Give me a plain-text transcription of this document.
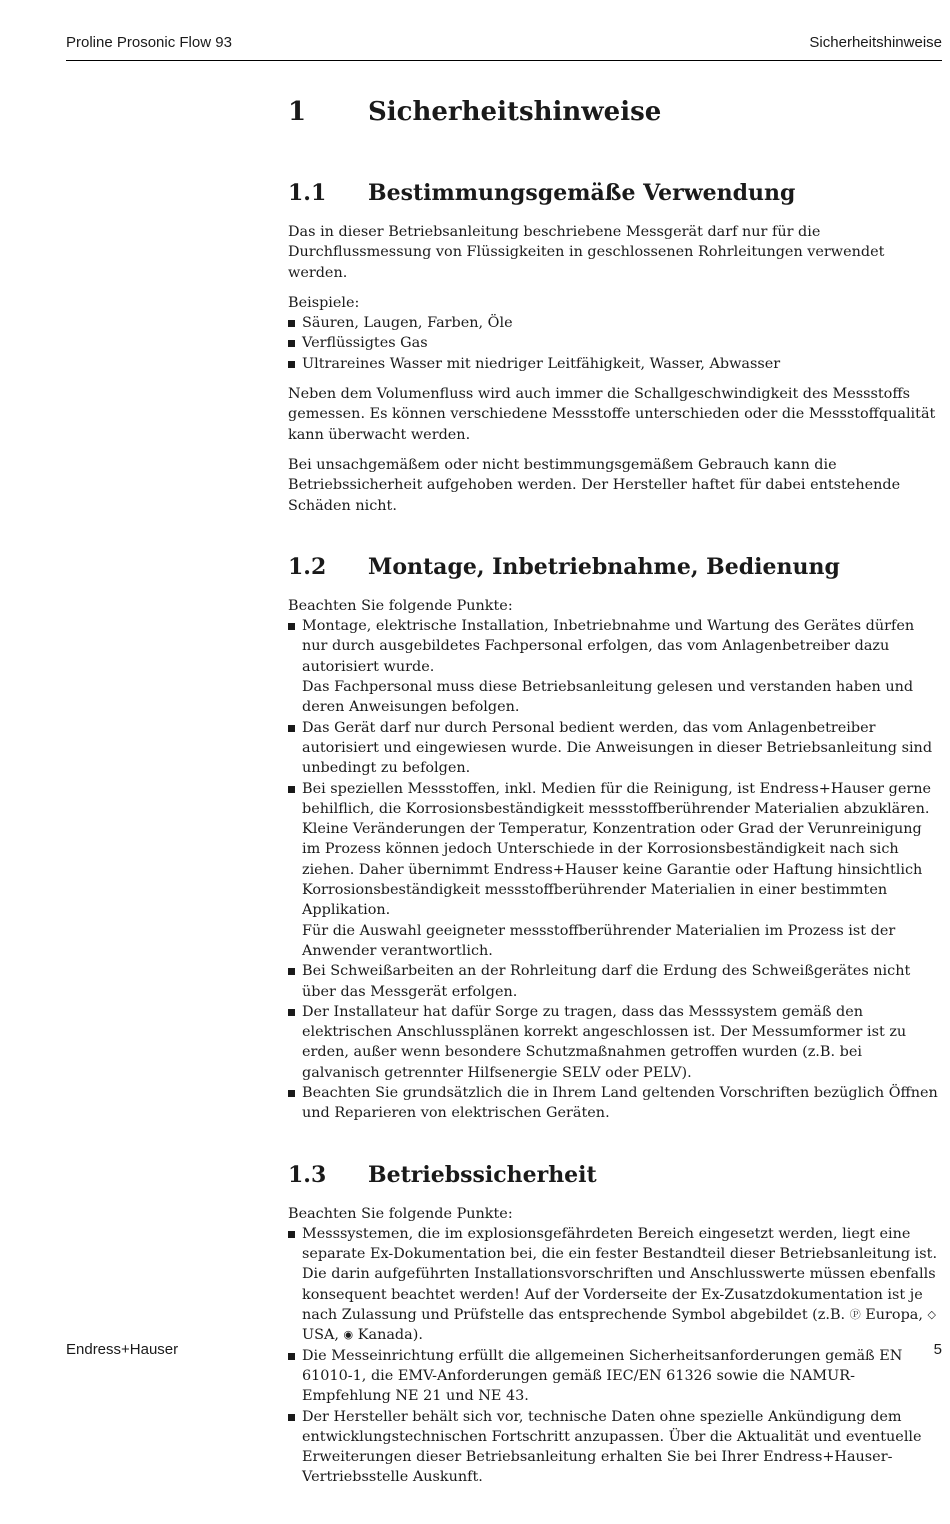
Proline Prosonic Flow 93	Sicherheitshinweise
1	Sicherheitshinweise
1.1	Bestimmungsgemäße Verwendung

Das in dieser Betriebsanleitung beschriebene Messgerät darf nur für die Durchflussmessung von Flüssigkeiten in geschlossenen Rohrleitungen verwendet werden.

Beispiele:

Säuren, Laugen, Farben, Öle
Verflüssigtes Gas
Ultrareines Wasser mit niedriger Leitfähigkeit, Wasser, Abwasser

Neben dem Volumenfluss wird auch immer die Schallgeschwindigkeit des Messstoffs gemessen. Es können verschiedene Messstoffe unterschieden oder die Messstoffqualität kann überwacht werden.

Bei unsachgemäßem oder nicht bestimmungsgemäßem Gebrauch kann die Betriebssicherheit aufgehoben werden. Der Hersteller haftet für dabei entstehende Schäden nicht.

1.2	Montage, Inbetriebnahme, Bedienung

Beachten Sie folgende Punkte:

Montage, elektrische Installation, Inbetriebnahme und Wartung des Gerätes dürfen nur durch ausgebildetes Fachpersonal erfolgen, das vom Anlagenbetreiber dazu autorisiert wurde.
Das Fachpersonal muss diese Betriebsanleitung gelesen und verstanden haben und deren Anweisungen befolgen.
Das Gerät darf nur durch Personal bedient werden, das vom Anlagenbetreiber autorisiert und eingewiesen wurde. Die Anweisungen in dieser Betriebsanleitung sind unbedingt zu befolgen.
Bei speziellen Messstoffen, inkl. Medien für die Reinigung, ist Endress+Hauser gerne behilflich, die Korrosionsbeständigkeit messstoffberührender Materialien abzuklären.
Kleine Veränderungen der Temperatur, Konzentration oder Grad der Verunreinigung im Prozess können jedoch Unterschiede in der Korrosionsbeständigkeit nach sich ziehen. Daher übernimmt Endress+Hauser keine Garantie oder Haftung hinsichtlich Korrosionsbeständigkeit messstoffberührender Materialien in einer bestimmten Applikation.
Für die Auswahl geeigneter messstoffberührender Materialien im Prozess ist der Anwender verantwortlich.
Bei Schweißarbeiten an der Rohrleitung darf die Erdung des Schweißgerätes nicht über das Messgerät erfolgen.
Der Installateur hat dafür Sorge zu tragen, dass das Messsystem gemäß den elektrischen Anschlussplänen korrekt angeschlossen ist. Der Messumformer ist zu erden, außer wenn besondere Schutzmaßnahmen getroffen wurden (z.B. bei galvanisch getrennter Hilfsenergie SELV oder PELV).
Beachten Sie grundsätzlich die in Ihrem Land geltenden Vorschriften bezüglich Öffnen und Reparieren von elektrischen Geräten.
1.3	Betriebssicherheit

Beachten Sie folgende Punkte:

Messsystemen, die im explosionsgefährdeten Bereich eingesetzt werden, liegt eine separate Ex-Dokumentation bei, die ein fester Bestandteil dieser Betriebsanleitung ist. Die darin aufgeführten Installationsvorschriften und Anschlusswerte müssen ebenfalls konsequent beachtet werden! Auf der Vorderseite der Ex-Zusatzdokumentation ist je nach Zulassung und Prüfstelle das entsprechende Symbol abgebildet (z.B. Ⓟ Europa, ◇ USA, ◉ Kanada).
Die Messeinrichtung erfüllt die allgemeinen Sicherheitsanforderungen gemäß EN 61010-1, die EMV-Anforderungen gemäß IEC/EN 61326 sowie die NAMUR-Empfehlung NE 21 und NE 43.
Der Hersteller behält sich vor, technische Daten ohne spezielle Ankündigung dem entwicklungstechnischen Fortschritt anzupassen. Über die Aktualität und eventuelle Erweiterungen dieser Betriebsanleitung erhalten Sie bei Ihrer Endress+Hauser-Vertriebsstelle Auskunft.
Endress+Hauser	5
